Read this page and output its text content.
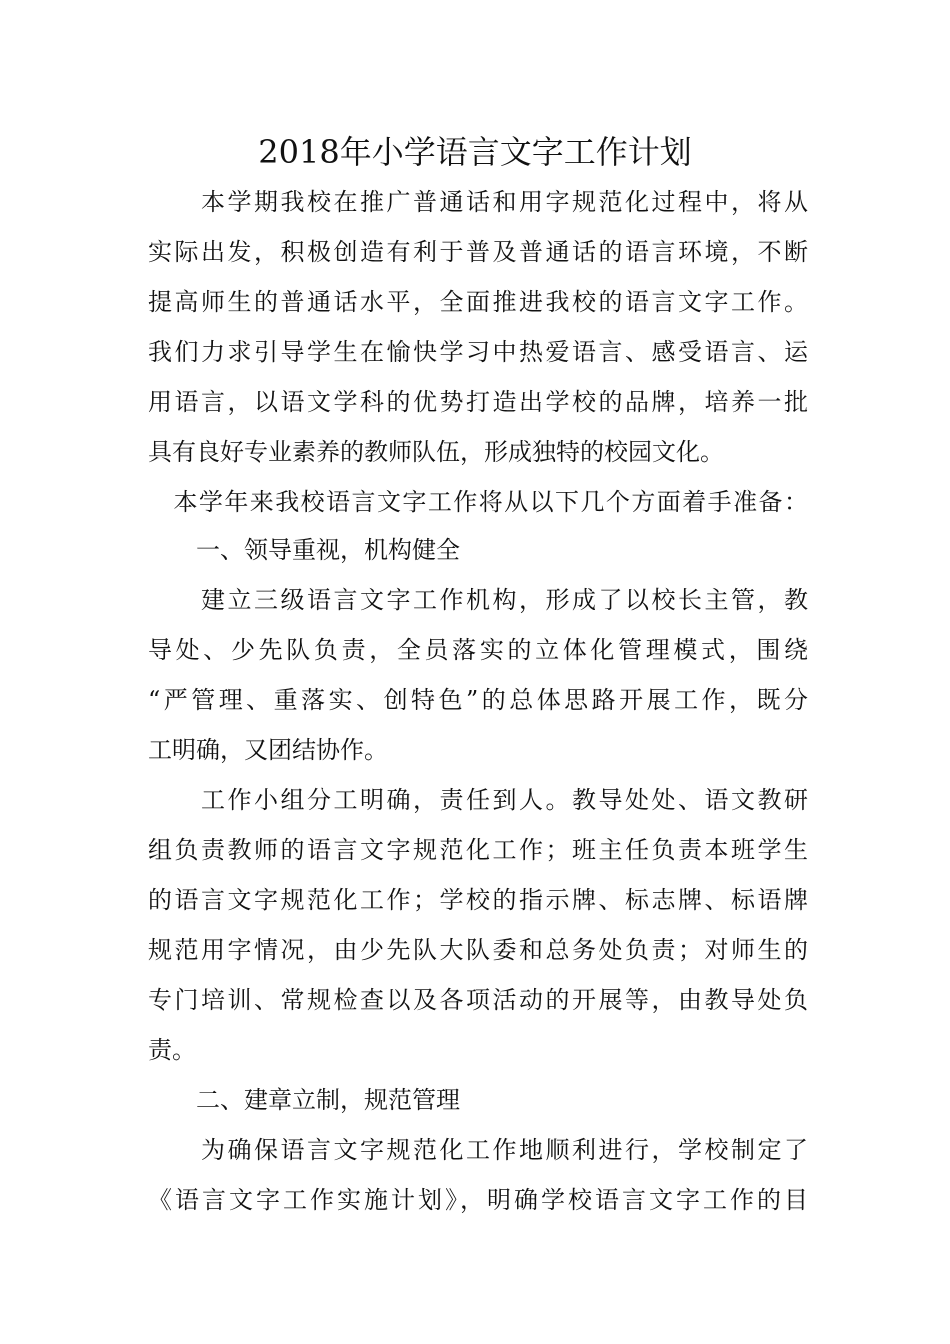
2018年小学语言文字工作计划
　　本学期我校在推广普通话和用字规范化过程中，将从
实际出发，积极创造有利于普及普通话的语言环境，不断
提高师生的普通话水平，全面推进我校的语言文字工作。
我们力求引导学生在愉快学习中热爱语言、感受语言、运
用语言，以语文学科的优势打造出学校的品牌，培养一批
具有良好专业素养的教师队伍，形成独特的校园文化。
　本学年来我校语言文字工作将从以下几个方面着手准备：
　　一、领导重视，机构健全
　　建立三级语言文字工作机构，形成了以校长主管，教
导处、少先队负责，全员落实的立体化管理模式，围绕
“严管理、重落实、创特色”的总体思路开展工作，既分
工明确，又团结协作。
　　工作小组分工明确，责任到人。教导处处、语文教研
组负责教师的语言文字规范化工作；班主任负责本班学生
的语言文字规范化工作；学校的指示牌、标志牌、标语牌
规范用字情况，由少先队大队委和总务处负责；对师生的
专门培训、常规检查以及各项活动的开展等，由教导处负
责。
　　二、建章立制，规范管理
　　为确保语言文字规范化工作地顺利进行，学校制定了
《语言文字工作实施计划》，明确学校语言文字工作的目
